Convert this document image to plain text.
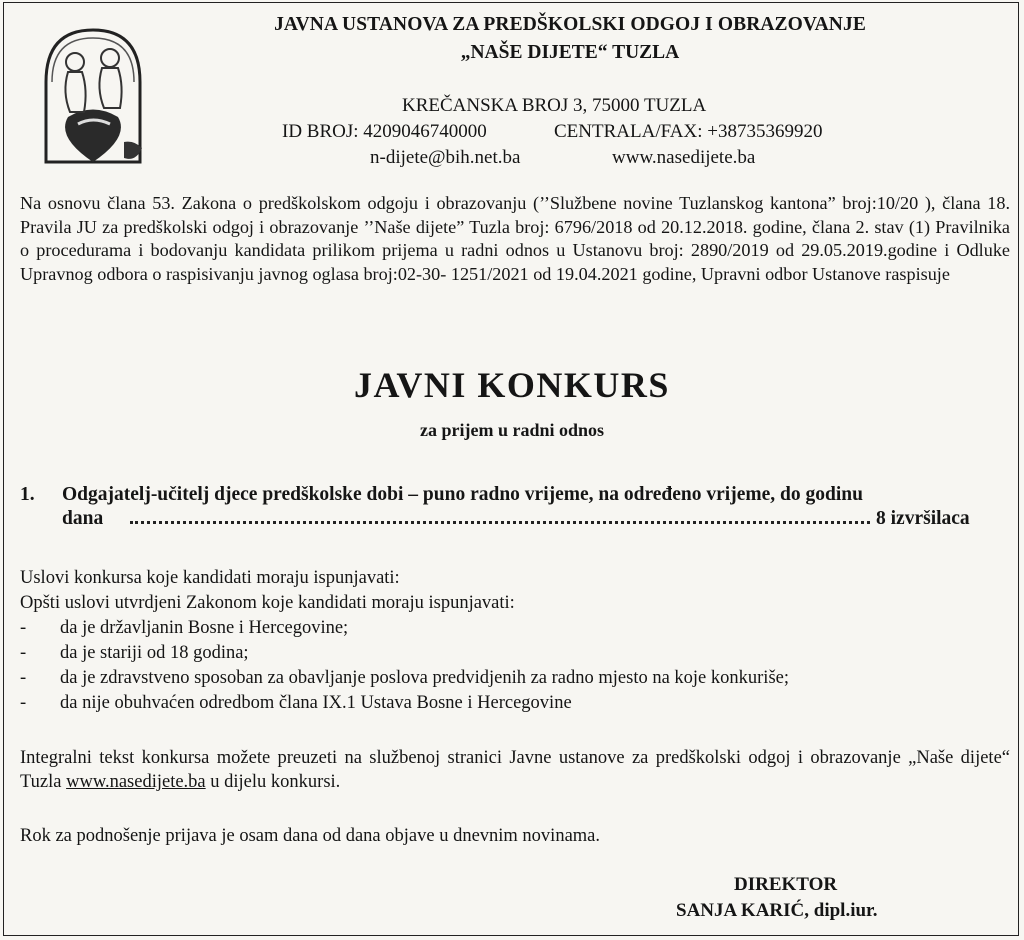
JAVNA USTANOVA ZA PREDŠKOLSKI ODGOJ I OBRAZOVANJE
„NAŠE DIJETE“ TUZLA
KREČANSKA BROJ 3, 75000 TUZLA
ID BROJ: 4209046740000	CENTRALA/FAX: +38735369920
n-dijete@bih.net.ba	www.nasedijete.ba
Na osnovu člana 53. Zakona o predškolskom odgoju i obrazovanju (’’Službene novine Tuzlanskog kantona” broj:10/20 ), člana 18. Pravila JU za predškolski odgoj i obrazovanje ’’Naše dijete” Tuzla broj: 6796/2018 od 20.12.2018. godine, člana 2. stav (1) Pravilnika o procedurama i bodovanju kandidata prilikom prijema u radni odnos u Ustanovu broj: 2890/2019 od 29.05.2019.godine i Odluke Upravnog odbora o raspisivanju javnog oglasa broj:02-30- 1251/2021 od 19.04.2021 godine, Upravni odbor Ustanove raspisuje
JAVNI KONKURS
za prijem u radni odnos
1. Odgajatelj-učitelj djece predškolske dobi – puno radno vrijeme, na određeno vrijeme, do godinu
dana	8 izvršilaca
Uslovi konkursa koje kandidati moraju ispunjavati:
Opšti uslovi utvrdjeni Zakonom koje kandidati moraju ispunjavati:
- da je državljanin Bosne i Hercegovine;
- da je stariji od 18 godina;
- da je zdravstveno sposoban za obavljanje poslova predvidjenih za radno mjesto na koje konkuriše;
- da nije obuhvaćen odredbom člana IX.1 Ustava Bosne i Hercegovine
Integralni tekst konkursa možete preuzeti na službenoj stranici Javne ustanove za predškolski odgoj i obrazovanje „Naše dijete“ Tuzla www.nasedijete.ba u dijelu konkursi.
Rok za podnošenje prijava je osam dana od dana objave u dnevnim novinama.
DIREKTOR
SANJA KARIĆ, dipl.iur.
